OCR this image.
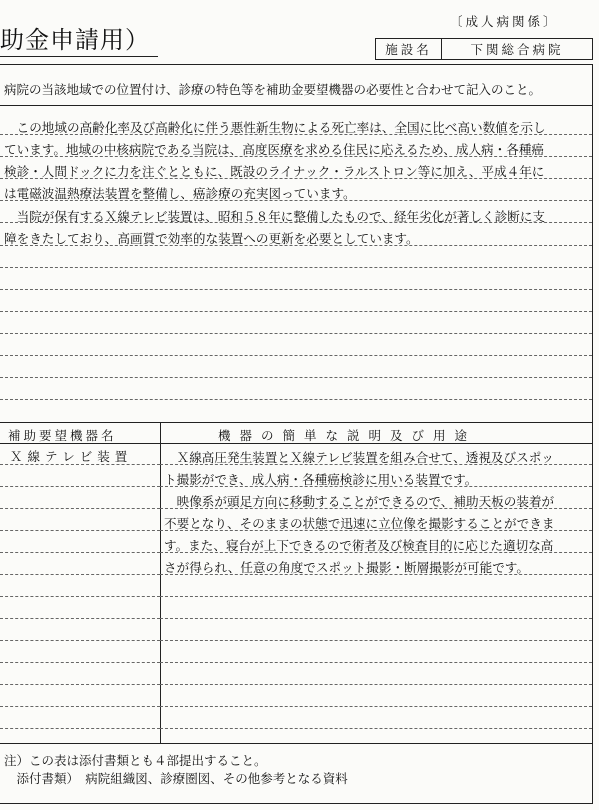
助金申請用）
〔成人病関係〕
施設名	下関総合病院
病院の当該地域での位置付け、診療の特色等を補助金要望機器の必要性と合わせて記入のこと。
　この地域の高齢化率及び高齢化に伴う悪性新生物による死亡率は、全国に比べ高い数値を示し
ています。地域の中核病院である当院は、高度医療を求める住民に応えるため、成人病・各種癌
検診・人間ドックに力を注ぐとともに、既設のライナック・ラルストロン等に加え、平成４年に
は電磁波温熱療法装置を整備し、癌診療の充実図っています。
　当院が保有するＸ線テレビ装置は、昭和５８年に整備したもので、経年劣化が著しく診断に支
障をきたしており、高画質で効率的な装置への更新を必要としています。
補助要望機器名	機器の簡単な説明及び用途
Ｘ線テレビ装置	　Ｘ線高圧発生装置とＸ線テレビ装置を組み合せて、透視及びスポッ
ト撮影ができ、成人病・各種癌検診に用いる装置です。
　映像系が頭足方向に移動することができるので、補助天板の装着が
不要となり、そのままの状態で迅速に立位像を撮影することができま
す。また、寝台が上下できるので術者及び検査目的に応じた適切な高
さが得られ、任意の角度でスポット撮影・断層撮影が可能です。
注）この表は添付書類とも４部提出すること。
　添付書類）　病院組織図、診療圏図、その他参考となる資料
